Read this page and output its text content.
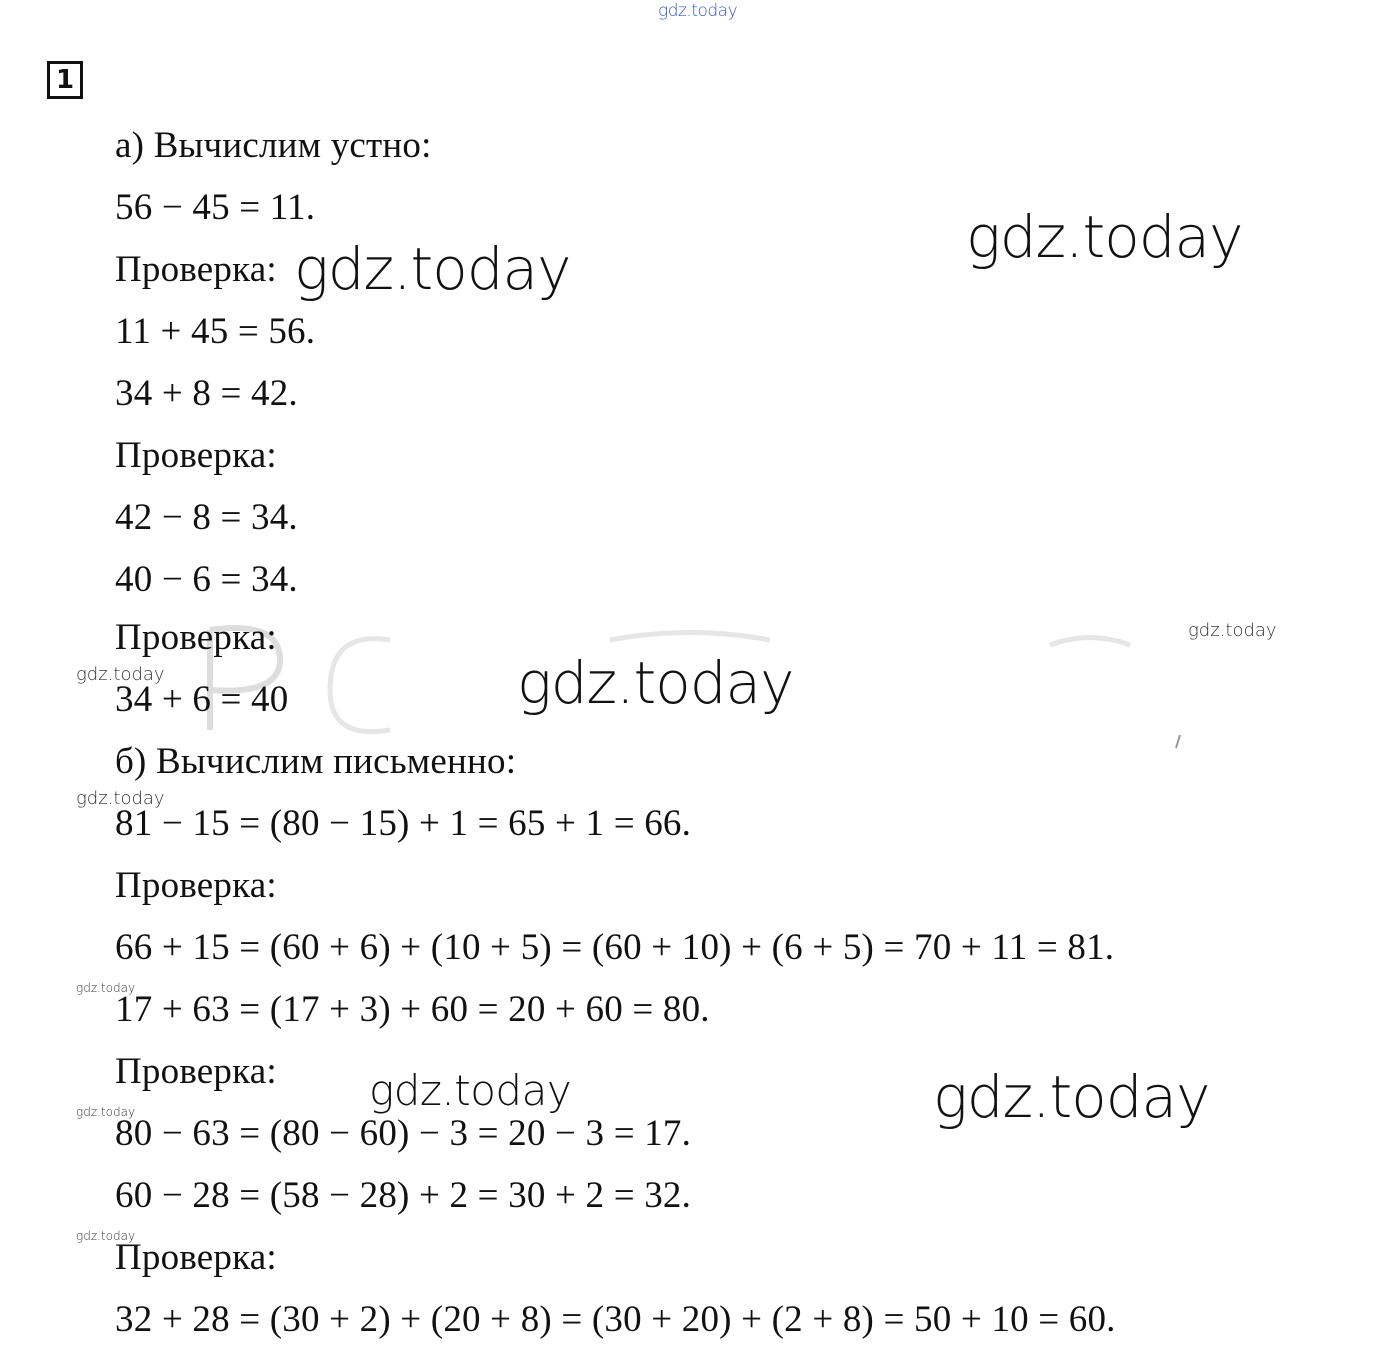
1
а) Вычислим устно:
56 − 45 = 11.
Проверка:
11 + 45 = 56.
34 + 8 = 42.
Проверка:
42 − 8 = 34.
40 − 6 = 34.
Проверка:
34 + 6 = 40
б) Вычислим письменно:
81 − 15 = (80 − 15) + 1 = 65 + 1 = 66.
Проверка:
66 + 15 = (60 + 6) + (10 + 5) = (60 + 10) + (6 + 5) = 70 + 11 = 81.
17 + 63 = (17 + 3) + 60 = 20 + 60 = 80.
Проверка:
80 − 63 = (80 − 60) − 3 = 20 − 3 = 17.
60 − 28 = (58 − 28) + 2 = 30 + 2 = 32.
Проверка:
32 + 28 = (30 + 2) + (20 + 8) = (30 + 20) + (2 + 8) = 50 + 10 = 60.
gdz.today
gdz.today
gdz.today
gdz.today
gdz.today
gdz.today
gdz.today
gdz.today
gdz.today
gdz.today
gdz.today
gdz.today
